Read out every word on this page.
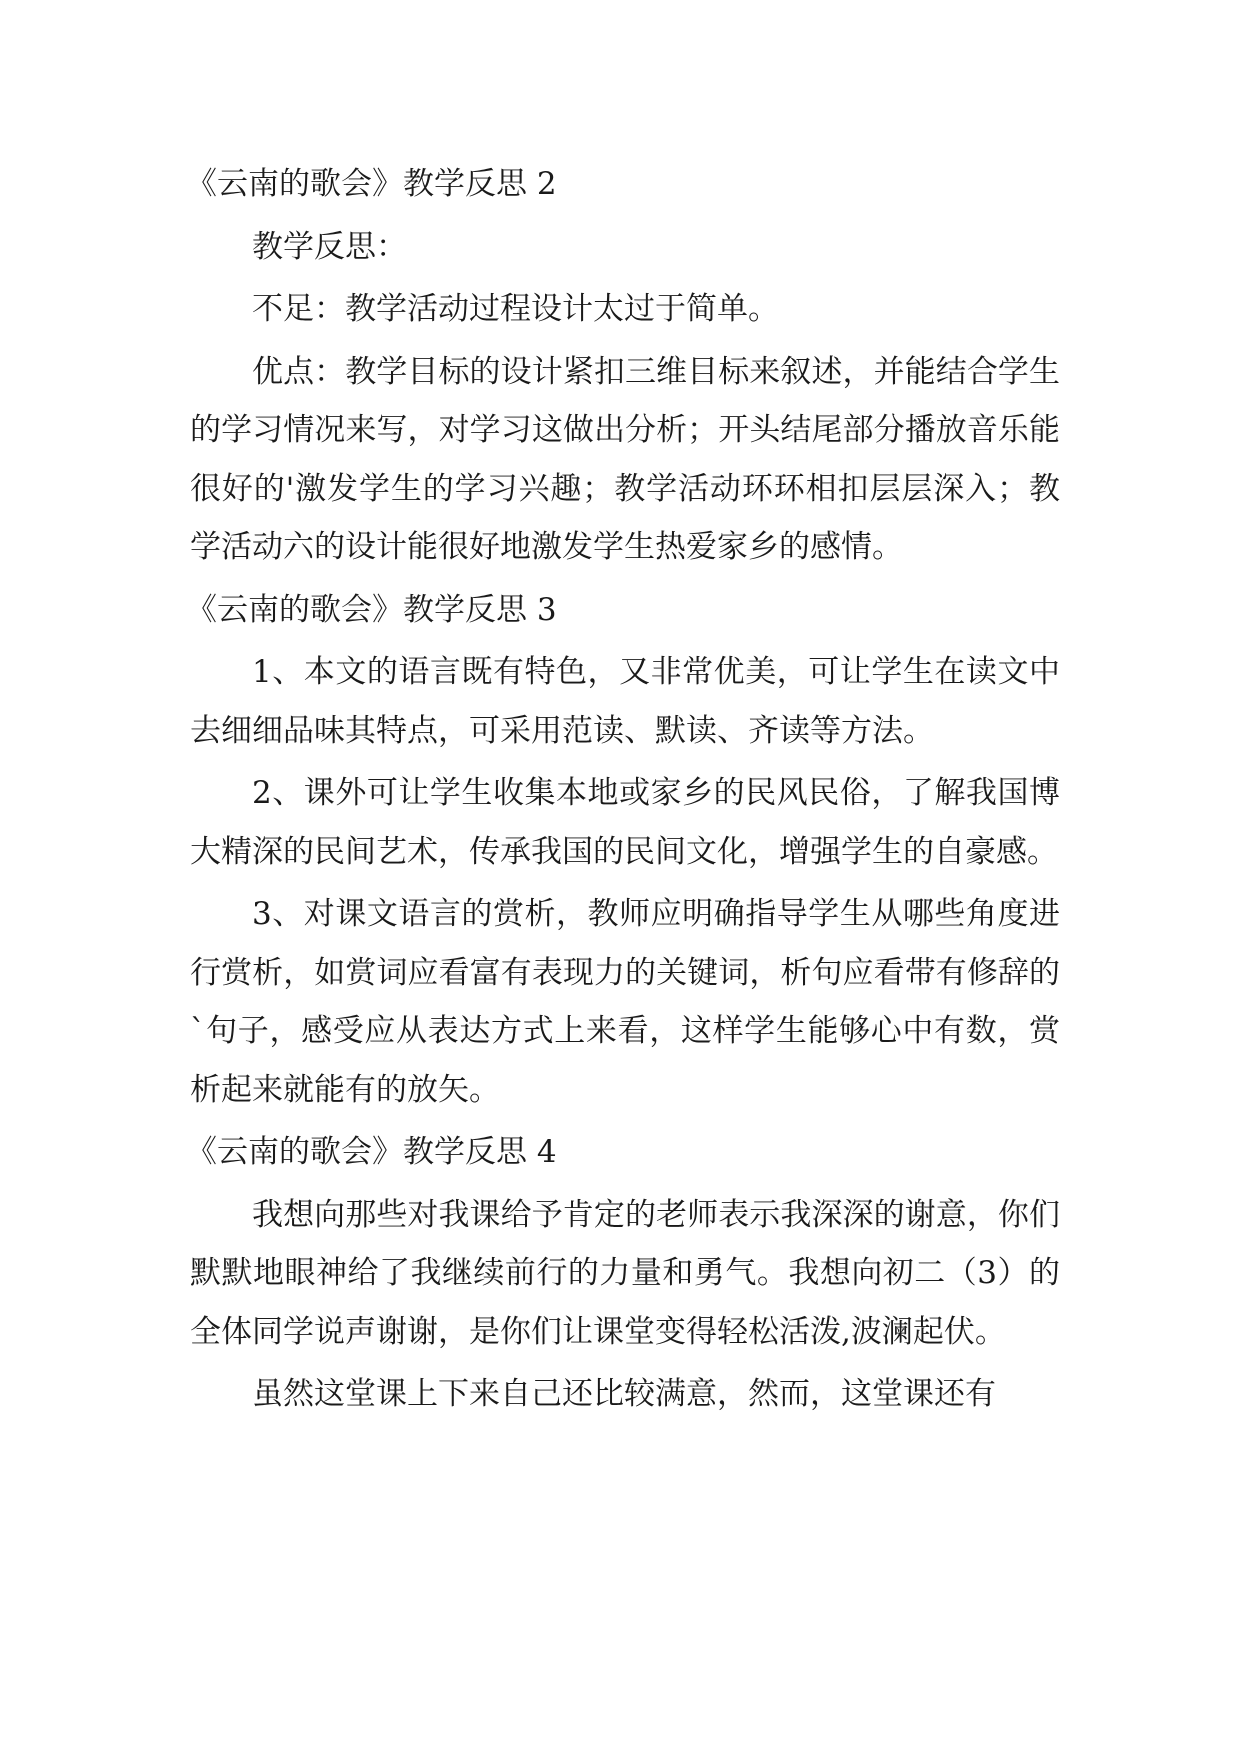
《云南的歌会》教学反思 2

教学反思：

不足：教学活动过程设计太过于简单。

优点：教学目标的设计紧扣三维目标来叙述，并能结合学生的学习情况来写，对学习这做出分析；开头结尾部分播放音乐能很好的'激发学生的学习兴趣；教学活动环环相扣层层深入；教学活动六的设计能很好地激发学生热爱家乡的感情。

《云南的歌会》教学反思 3

1、本文的语言既有特色，又非常优美，可让学生在读文中去细细品味其特点，可采用范读、默读、齐读等方法。

2、课外可让学生收集本地或家乡的民风民俗，了解我国博大精深的民间艺术，传承我国的民间文化，增强学生的自豪感。

3、对课文语言的赏析，教师应明确指导学生从哪些角度进行赏析，如赏词应看富有表现力的关键词，析句应看带有修辞的`句子，感受应从表达方式上来看，这样学生能够心中有数，赏析起来就能有的放矢。

《云南的歌会》教学反思 4

我想向那些对我课给予肯定的老师表示我深深的谢意，你们默默地眼神给了我继续前行的力量和勇气。我想向初二（3）的全体同学说声谢谢，是你们让课堂变得轻松活泼,波澜起伏。

虽然这堂课上下来自己还比较满意，然而，这堂课还有
